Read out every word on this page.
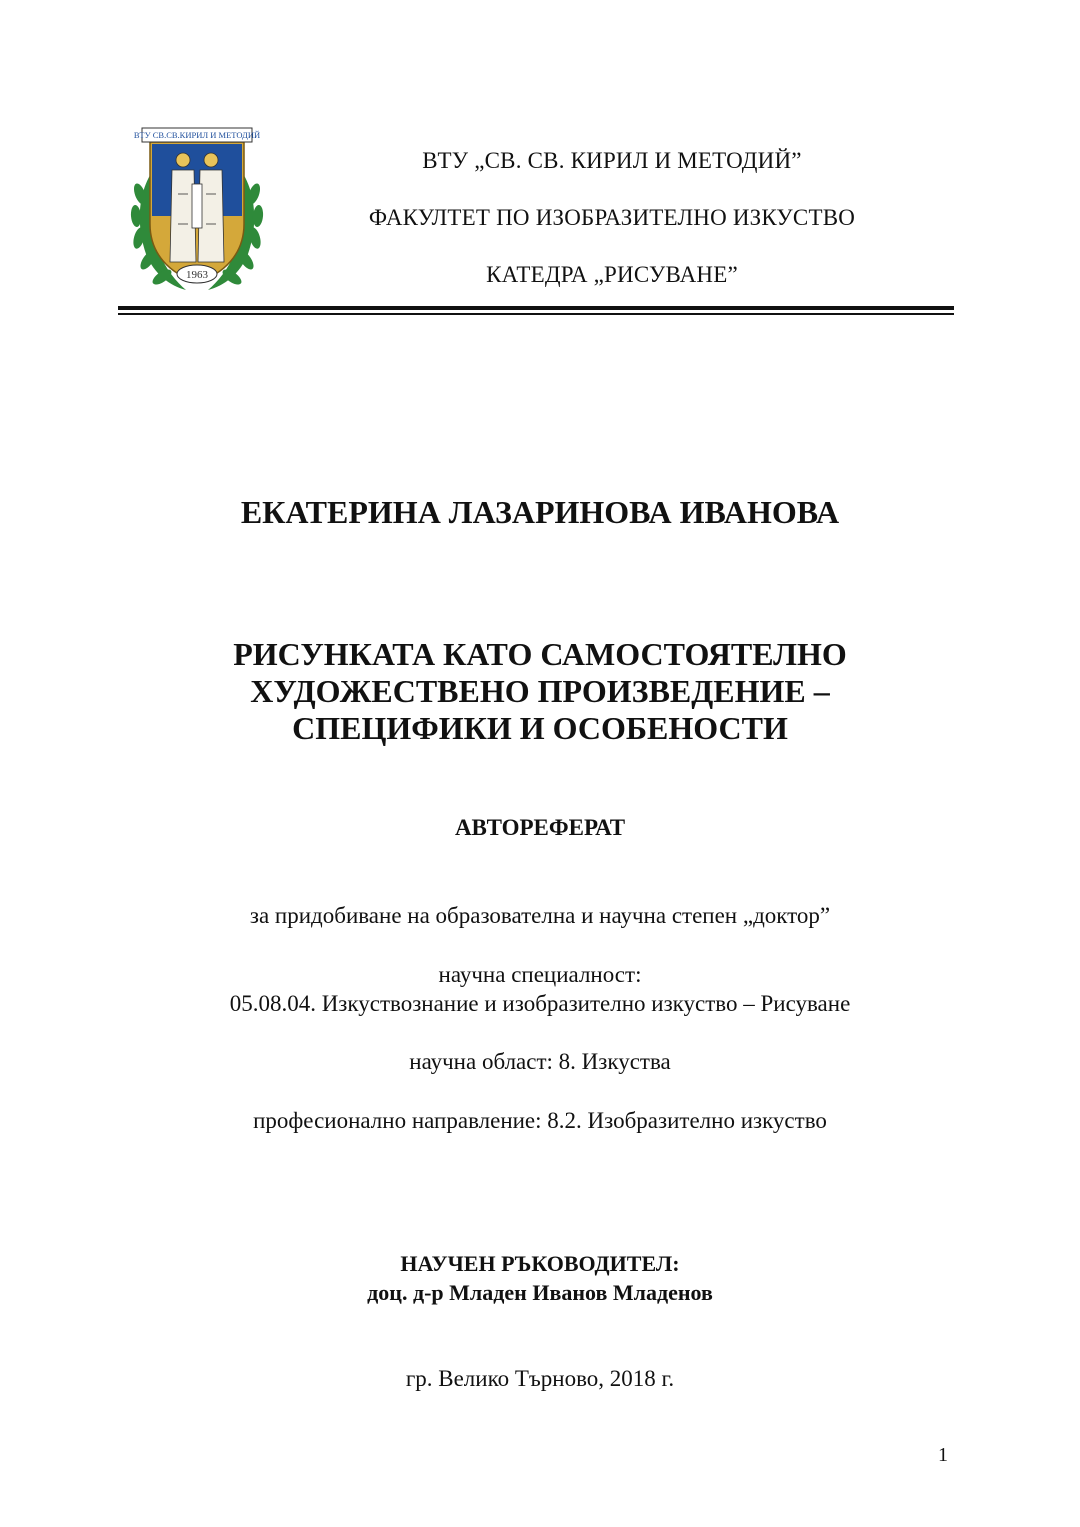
ВТУ СВ.СВ.КИРИЛ И МЕТОДИЙ
1963
ВТУ „СВ. СВ. КИРИЛ И МЕТОДИЙ”
ФАКУЛТЕТ ПО ИЗОБРАЗИТЕЛНО ИЗКУСТВО
КАТЕДРА „РИСУВАНЕ”
ЕКАТЕРИНА ЛАЗАРИНОВА ИВАНОВА
РИСУНКАТА КАТО САМОСТОЯТЕЛНО
ХУДОЖЕСТВЕНО ПРОИЗВЕДЕНИЕ –
СПЕЦИФИКИ И ОСОБЕНОСТИ
АВТОРЕФЕРАТ
за придобиване на образователна и научна степен „доктор”
научна специалност:
05.08.04. Изкуствознание и изобразително изкуство – Рисуване
научна област: 8. Изкуства
професионално направление: 8.2. Изобразително изкуство
НАУЧЕН РЪКОВОДИТЕЛ:
доц. д-р Младен Иванов Младенов
гр. Велико Търново, 2018 г.
1
